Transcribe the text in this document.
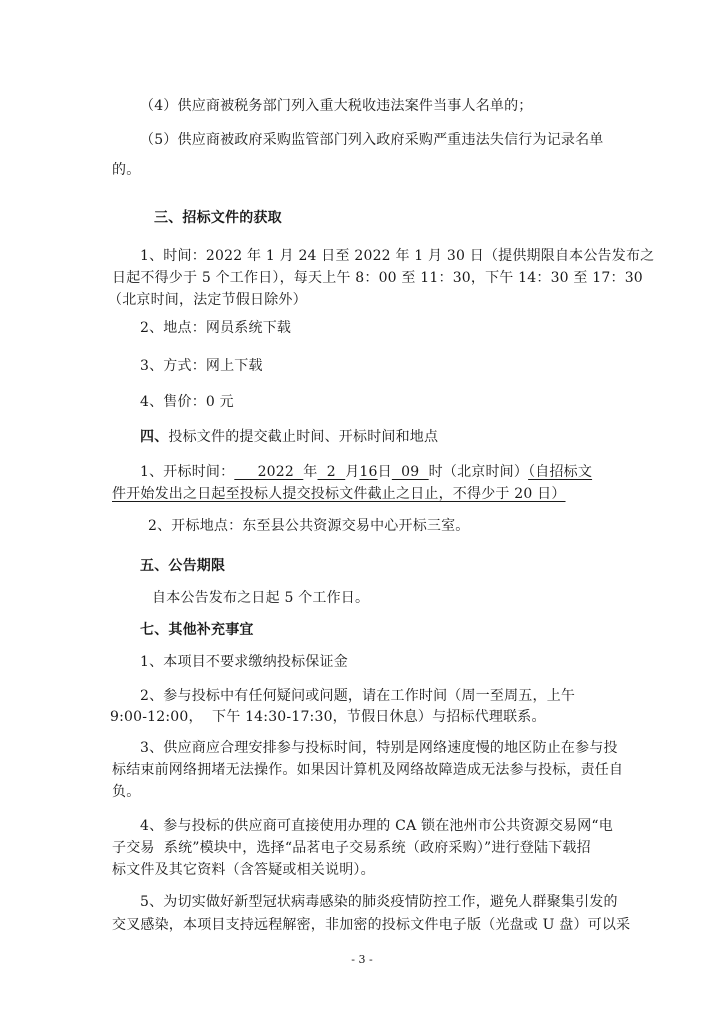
（4）供应商被税务部门列入重大税收违法案件当事人名单的；
（5）供应商被政府采购监管部门列入政府采购严重违法失信行为记录名单
的。
三、招标文件的获取
1、时间：2022 年 1 月 24 日至 2022 年 1 月 30 日（提供期限自本公告发布之
日起不得少于 5 个工作日），每天上午 8：00 至 11：30，下午 14：30 至 17：30
（北京时间，法定节假日除外）
2、地点：网员系统下载
3、方式：网上下载
4、售价：0 元
四、投标文件的提交截止时间、开标时间和地点
1、开标时间：     2022  年  2  月16日  09  时（北京时间）（自招标文
件开始发出之日起至投标人提交投标文件截止之日止，不得少于 20 日）
2、开标地点：东至县公共资源交易中心开标三室。
五、公告期限
自本公告发布之日起 5 个工作日。
七、其他补充事宜
1、本项目不要求缴纳投标保证金
2、参与投标中有任何疑问或问题，请在工作时间（周一至周五，上午
9:00-12:00，  下午 14:30-17:30，节假日休息）与招标代理联系。
3、供应商应合理安排参与投标时间，特别是网络速度慢的地区防止在参与投
标结束前网络拥堵无法操作。如果因计算机及网络故障造成无法参与投标，责任自
负。
4、参与投标的供应商可直接使用办理的 CA 锁在池州市公共资源交易网“电
子交易  系统”模块中，选择“品茗电子交易系统（政府采购）”进行登陆下载招
标文件及其它资料（含答疑或相关说明）。
5、为切实做好新型冠状病毒感染的肺炎疫情防控工作，避免人群聚集引发的
交叉感染，本项目支持远程解密，非加密的投标文件电子版（光盘或 U 盘）可以采
- 3 -
